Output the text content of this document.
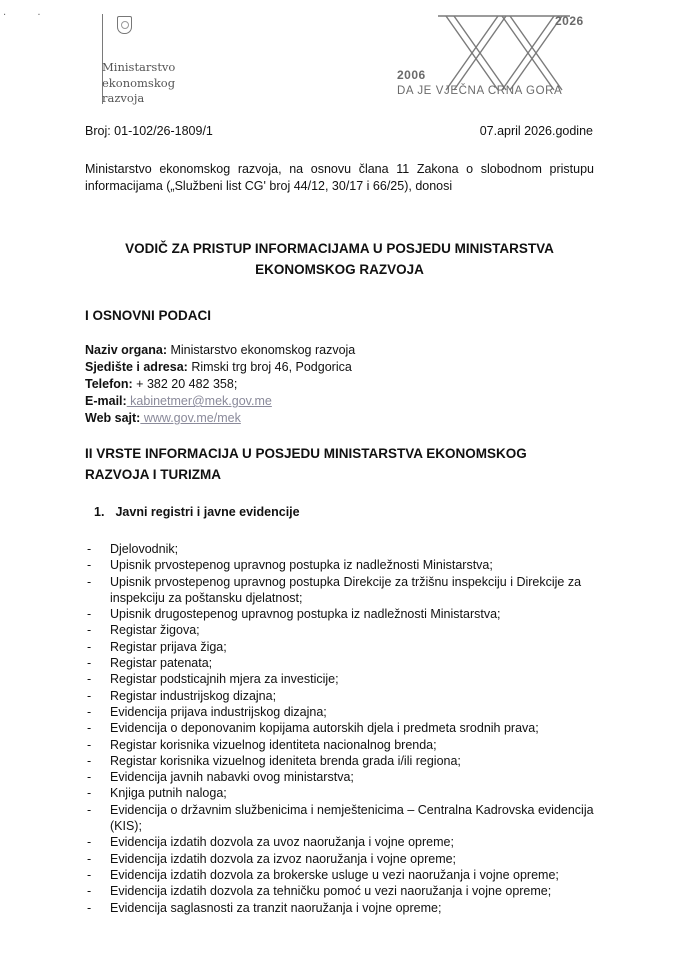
· ·
Ministarstvo
ekonomskog
razvoja
2026
2006
DA JE VJEČNA CRNA GORA
Broj: 01-102/26-1809/1	07.april 2026.godine
Ministarstvo ekonomskog razvoja, na osnovu člana 11 Zakona o slobodnom pristupu
informacijama („Službeni list CG' broj 44/12, 30/17 i 66/25), donosi
VODIČ ZA PRISTUP INFORMACIJAMA U POSJEDU MINISTARSTVA
EKONOMSKOG RAZVOJA
I OSNOVNI PODACI
Naziv organa: Ministarstvo ekonomskog razvoja
Sjedište i adresa: Rimski trg broj 46, Podgorica
Telefon: + 382 20 482 358;
E-mail: kabinetmer@mek.gov.me
Web sajt: www.gov.me/mek
II VRSTE INFORMACIJA U POSJEDU MINISTARSTVA EKONOMSKOG
RAZVOJA I TURIZMA
1. Javni registri i javne evidencije
- Djelovodnik;
- Upisnik prvostepenog upravnog postupka iz nadležnosti Ministarstva;
- Upisnik prvostepenog upravnog postupka Direkcije za tržišnu inspekciju i Direkcije za inspekciju za poštansku djelatnost;
- Upisnik drugostepenog upravnog postupka iz nadležnosti Ministarstva;
- Registar žigova;
- Registar prijava žiga;
- Registar patenata;
- Registar podsticajnih mjera za investicije;
- Registar industrijskog dizajna;
- Evidencija prijava industrijskog dizajna;
- Evidencija o deponovanim kopijama autorskih djela i predmeta srodnih prava;
- Registar korisnika vizuelnog identiteta nacionalnog brenda;
- Registar korisnika vizuelnog ideniteta brenda grada i/ili regiona;
- Evidencija javnih nabavki ovog ministarstva;
- Knjiga putnih naloga;
- Evidencija o državnim službenicima i nemještenicima – Centralna Kadrovska evidencija (KIS);
- Evidencija izdatih dozvola za uvoz naoružanja i vojne opreme;
- Evidencija izdatih dozvola za izvoz naoružanja i vojne opreme;
- Evidencija izdatih dozvola za brokerske usluge u vezi naoružanja i vojne opreme;
- Evidencija izdatih dozvola za tehničku pomoć u vezi naoružanja i vojne opreme;
- Evidencija saglasnosti za tranzit naoružanja i vojne opreme;
